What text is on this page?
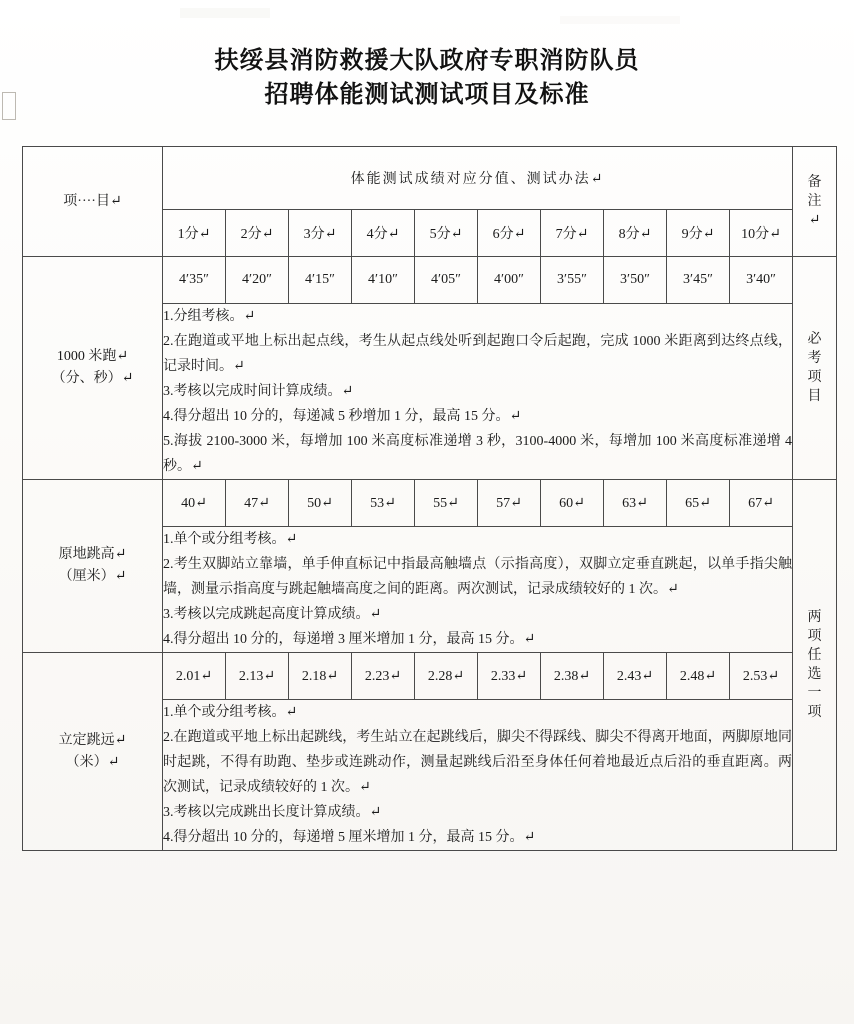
扶绥县消防救援大队政府专职消防队员
招聘体能测试测试项目及标准
项····目↵	体能测试成绩对应分值、测试办法↵										备注↵

	1分↵	2分↵	3分↵	4分↵	5分↵	6分↵	7分↵	8分↵	9分↵	10分↵	

1000 米跑↵
（分、秒）↵	4′35″	4′20″	4′15″	4′10″	4′05″	4′00″	3′55″	3′50″	3′45″	3′40″	必考项目

	1.分组考核。↵
2.在跑道或平地上标出起点线，考生从起点线处听到起跑口令后起跑，完成 1000 米距离到达终点线，记录时间。↵
3.考核以完成时间计算成绩。↵
4.得分超出 10 分的，每递减 5 秒增加 1 分，最高 15 分。↵
5.海拔 2100-3000 米，每增加 100 米高度标准递增 3 秒，3100-4000 米，每增加 100 米高度标准递增 4 秒。↵										

原地跳高↵
（厘米）↵	40↵	47↵	50↵	53↵	55↵	57↵	60↵	63↵	65↵	67↵	两项任选一项

	1.单个或分组考核。↵
2.考生双脚站立靠墙，单手伸直标记中指最高触墙点（示指高度），双脚立定垂直跳起，以单手指尖触墙，测量示指高度与跳起触墙高度之间的距离。两次测试，记录成绩较好的 1 次。↵
3.考核以完成跳起高度计算成绩。↵
4.得分超出 10 分的，每递增 3 厘米增加 1 分，最高 15 分。↵										

立定跳远↵
（米）↵	2.01↵	2.13↵	2.18↵	2.23↵	2.28↵	2.33↵	2.38↵	2.43↵	2.48↵	2.53↵	

	1.单个或分组考核。↵
2.在跑道或平地上标出起跳线，考生站立在起跳线后，脚尖不得踩线、脚尖不得离开地面，两脚原地同时起跳，不得有助跑、垫步或连跳动作，测量起跳线后沿至身体任何着地最近点后沿的垂直距离。两次测试，记录成绩较好的 1 次。↵
3.考核以完成跳出长度计算成绩。↵
4.得分超出 10 分的，每递增 5 厘米增加 1 分，最高 15 分。↵										
